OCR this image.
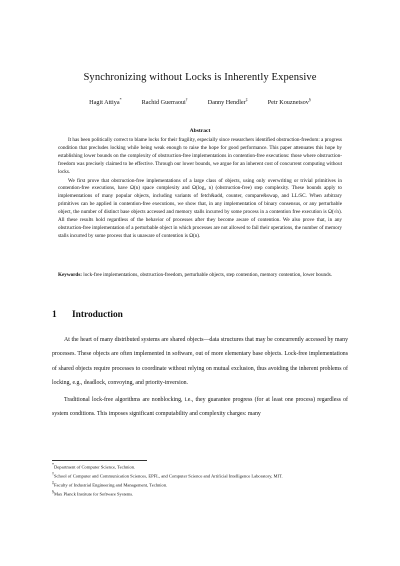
Synchronizing without Locks is Inherently Expensive
Hagit Attiya*	Rachid Guerraoui†	Danny Hendler‡	Petr Kouznetsov§
Abstract

It has been politically correct to blame locks for their fragility, especially since researchers identified obstruction-freedom: a progress condition that precludes locking while being weak enough to raise the hope for good performance. This paper attenuates this hope by establishing lower bounds on the complexity of obstruction-free implementations in contention-free executions: those where obstruction-freedom was precisely claimed to be effective. Through our lower bounds, we argue for an inherent cost of concurrent computing without locks.

We first prove that obstruction-free implementations of a large class of objects, using only overwriting or trivial primitives in contention-free executions, have Ω(n) space complexity and Ω(log₂ n) (obstruction-free) step complexity. These bounds apply to implementations of many popular objects, including variants of fetch&add, counter, compare&swap, and LL/SC. When arbitrary primitives can be applied in contention-free executions, we show that, in any implementation of binary consensus, or any perturbable object, the number of distinct base objects accessed and memory stalls incurred by some process in a contention free execution is Ω(√n). All these results hold regardless of the behavior of processes after they become aware of contention. We also prove that, in any obstruction-free implementation of a perturbable object in which processes are not allowed to fail their operations, the number of memory stalls incurred by some process that is unaware of contention is Ω(n).

Keywords: lock-free implementations, obstruction-freedom, perturbable objects, step contention, memory contention, lower bounds.
1 Introduction

At the heart of many distributed systems are shared objects—data structures that may be concurrently accessed by many processes. These objects are often implemented in software, out of more elementary base objects. Lock-free implementations of shared objects require processes to coordinate without relying on mutual exclusion, thus avoiding the inherent problems of locking, e.g., deadlock, convoying, and priority-inversion.

Traditional lock-free algorithms are nonblocking, i.e., they guarantee progress (for at least one process) regardless of system conditions. This imposes significant computability and complexity charges: many

*Department of Computer Science, Technion.
†School of Computer and Communication Sciences, EPFL, and Computer Science and Artificial Intelligence Laboratory, MIT.
‡Faculty of Industrial Engineering and Management, Technion.
§Max Planck Institute for Software Systems.
